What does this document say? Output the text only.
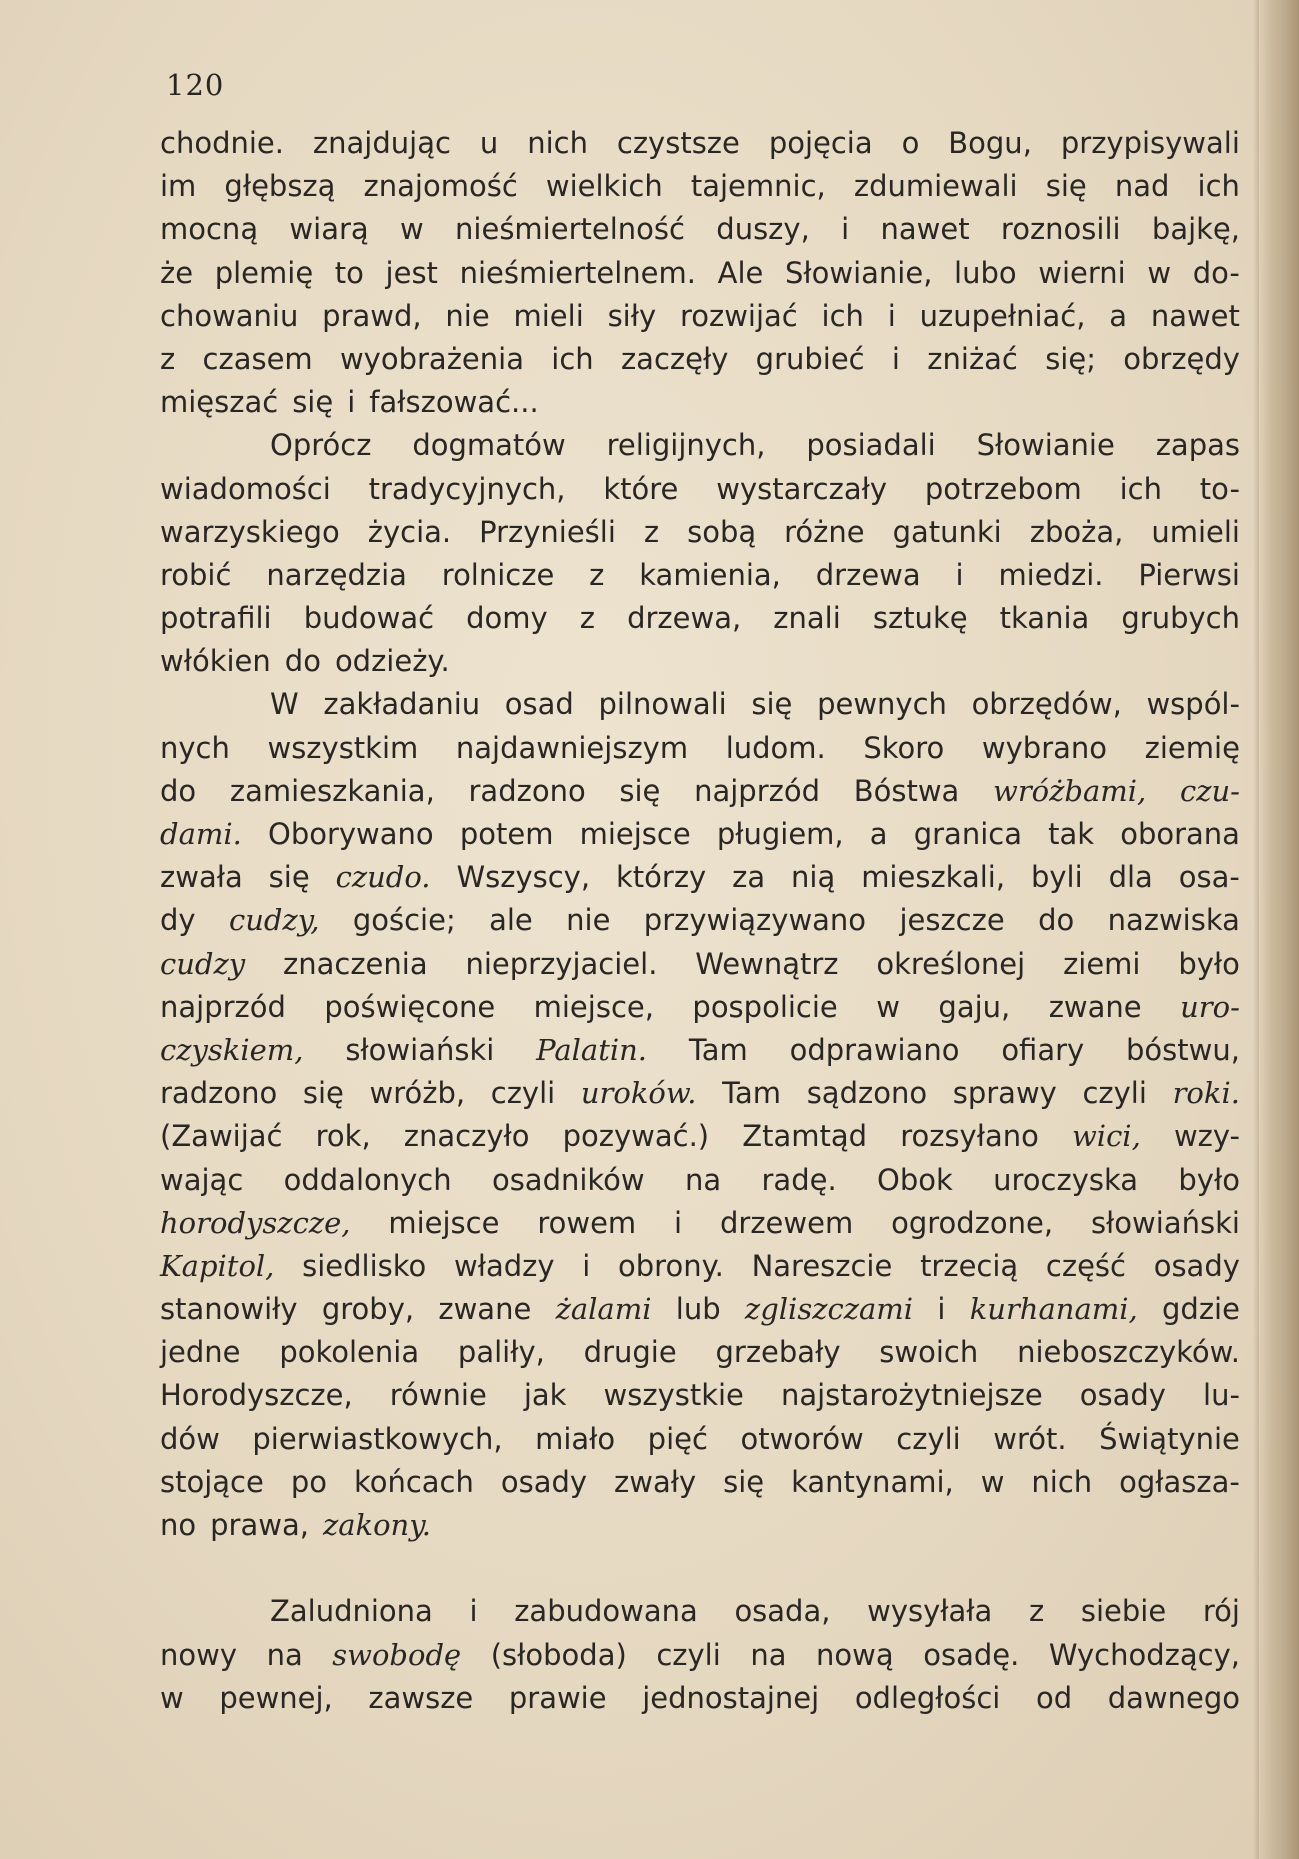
120
chodnie. znajdując u nich czystsze pojęcia o Bogu, przypisywali
im głębszą znajomość wielkich tajemnic, zdumiewali się nad ich
mocną wiarą w nieśmiertelność duszy, i nawet roznosili bajkę,
że plemię to jest nieśmiertelnem. Ale Słowianie, lubo wierni w do-
chowaniu prawd, nie mieli siły rozwijać ich i uzupełniać, a nawet
z czasem wyobrażenia ich zaczęły grubieć i zniżać się; obrzędy
mięszać się i fałszować...
Oprócz dogmatów religijnych, posiadali Słowianie zapas
wiadomości tradycyjnych, które wystarczały potrzebom ich to-
warzyskiego życia. Przynieśli z sobą różne gatunki zboża, umieli
robić narzędzia rolnicze z kamienia, drzewa i miedzi. Pierwsi
potrafili budować domy z drzewa, znali sztukę tkania grubych
włókien do odzieży.
W zakładaniu osad pilnowali się pewnych obrzędów, wspól-
nych wszystkim najdawniejszym ludom. Skoro wybrano ziemię
do zamieszkania, radzono się najprzód Bóstwa wróżbami, czu-
dami. Oborywano potem miejsce pługiem, a granica tak oborana
zwała się czudo. Wszyscy, którzy za nią mieszkali, byli dla osa-
dy cudzy, goście; ale nie przywiązywano jeszcze do nazwiska
cudzy znaczenia nieprzyjaciel. Wewnątrz określonej ziemi było
najprzód poświęcone miejsce, pospolicie w gaju, zwane uro-
czyskiem, słowiański Palatin. Tam odprawiano ofiary bóstwu,
radzono się wróżb, czyli uroków. Tam sądzono sprawy czyli roki.
(Zawijać rok, znaczyło pozywać.) Ztamtąd rozsyłano wici, wzy-
wając oddalonych osadników na radę. Obok uroczyska było
horodyszcze, miejsce rowem i drzewem ogrodzone, słowiański
Kapitol, siedlisko władzy i obrony. Nareszcie trzecią część osady
stanowiły groby, zwane żalami lub zgliszczami i kurhanami, gdzie
jedne pokolenia paliły, drugie grzebały swoich nieboszczyków.
Horodyszcze, równie jak wszystkie najstarożytniejsze osady lu-
dów pierwiastkowych, miało pięć otworów czyli wrót. Świątynie
stojące po końcach osady zwały się kantynami, w nich ogłasza-
no prawa, zakony.
Zaludniona i zabudowana osada, wysyłała z siebie rój
nowy na swobodę (słoboda) czyli na nową osadę. Wychodzący,
w pewnej, zawsze prawie jednostajnej odległości od dawnego
